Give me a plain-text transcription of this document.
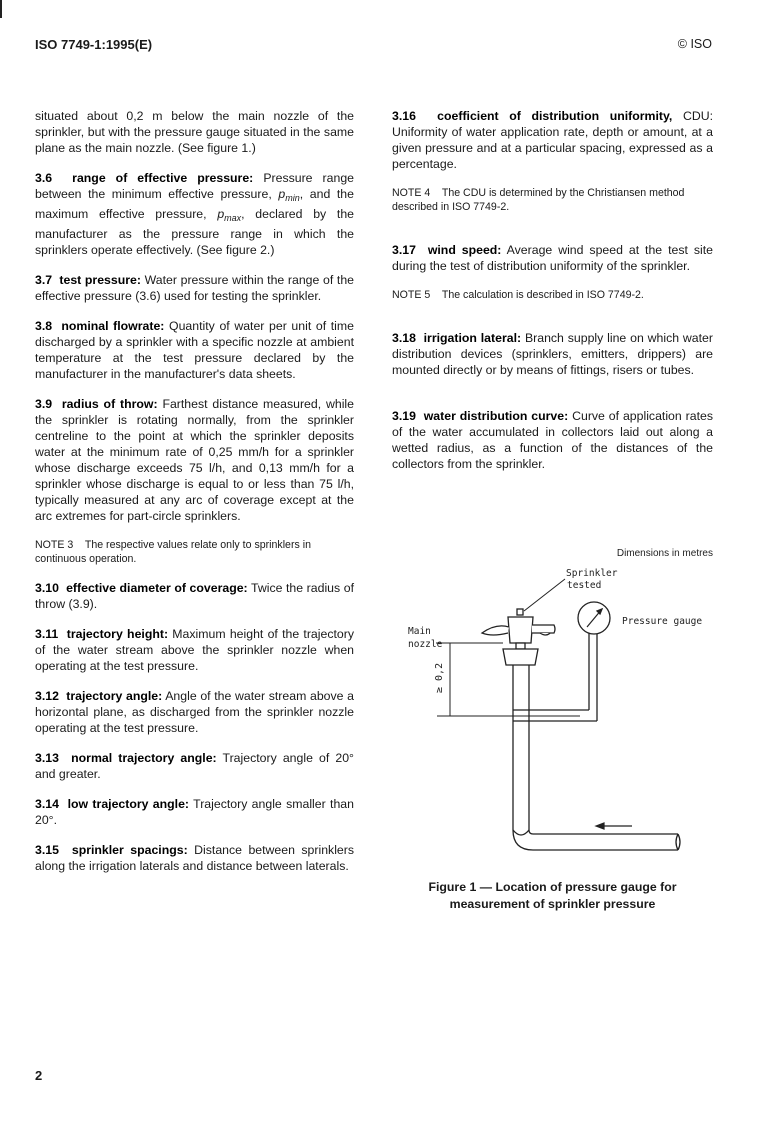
ISO 7749-1:1995(E)	© ISO

situated about 0,2 m below the main nozzle of the sprinkler, but with the pressure gauge situated in the same plane as the main nozzle. (See figure 1.)

3.6 range of effective pressure: Pressure range between the minimum effective pressure, $p_{min}$, and the maximum effective pressure, $p_{max}$, declared by the manufacturer as the pressure range in which the sprinklers operate effectively. (See figure 2.)

3.7 test pressure: Water pressure within the range of the effective pressure (3.6) used for testing the sprinkler.

3.8 nominal flowrate: Quantity of water per unit of time discharged by a sprinkler with a specific nozzle at ambient temperature at the test pressure declared by the manufacturer in the manufacturer's data sheets.

3.9 radius of throw: Farthest distance measured, while the sprinkler is rotating normally, from the sprinkler centreline to the point at which the sprinkler deposits water at the minimum rate of 0,25 mm/h for a sprinkler whose discharge exceeds 75 l/h, and 0,13 mm/h for a sprinkler whose discharge is equal to or less than 75 l/h, typically measured at any arc of coverage except at the arc extremes for part-circle sprinklers.

NOTE 3 The respective values relate only to sprinklers in continuous operation.

3.10 effective diameter of coverage: Twice the radius of throw (3.9).

3.11 trajectory height: Maximum height of the trajectory of the water stream above the sprinkler nozzle when operating at the test pressure.

3.12 trajectory angle: Angle of the water stream above a horizontal plane, as discharged from the sprinkler nozzle operating at the test pressure.

3.13 normal trajectory angle: Trajectory angle of 20° and greater.

3.14 low trajectory angle: Trajectory angle smaller than 20°.

3.15 sprinkler spacings: Distance between sprinklers along the irrigation laterals and distance between laterals.

3.16 coefficient of distribution uniformity, CDU: Uniformity of water application rate, depth or amount, at a given pressure and at a particular spacing, expressed as a percentage.

NOTE 4 The CDU is determined by the Christiansen method described in ISO 7749-2.

3.17 wind speed: Average wind speed at the test site during the test of distribution uniformity of the sprinkler.

NOTE 5 The calculation is described in ISO 7749-2.

3.18 irrigation lateral: Branch supply line on which water distribution devices (sprinklers, emitters, drippers) are mounted directly or by means of fittings, risers or tubes.

3.19 water distribution curve: Curve of application rates of the water accumulated in collectors laid out along a wetted radius, as a function of the distances of the collectors from the sprinkler.

Dimensions in metres
Sprinkler
tested
Main
nozzle
≥ 0,2
Pressure gauge
Figure 1 — Location of pressure gauge for
measurement of sprinkler pressure
2
